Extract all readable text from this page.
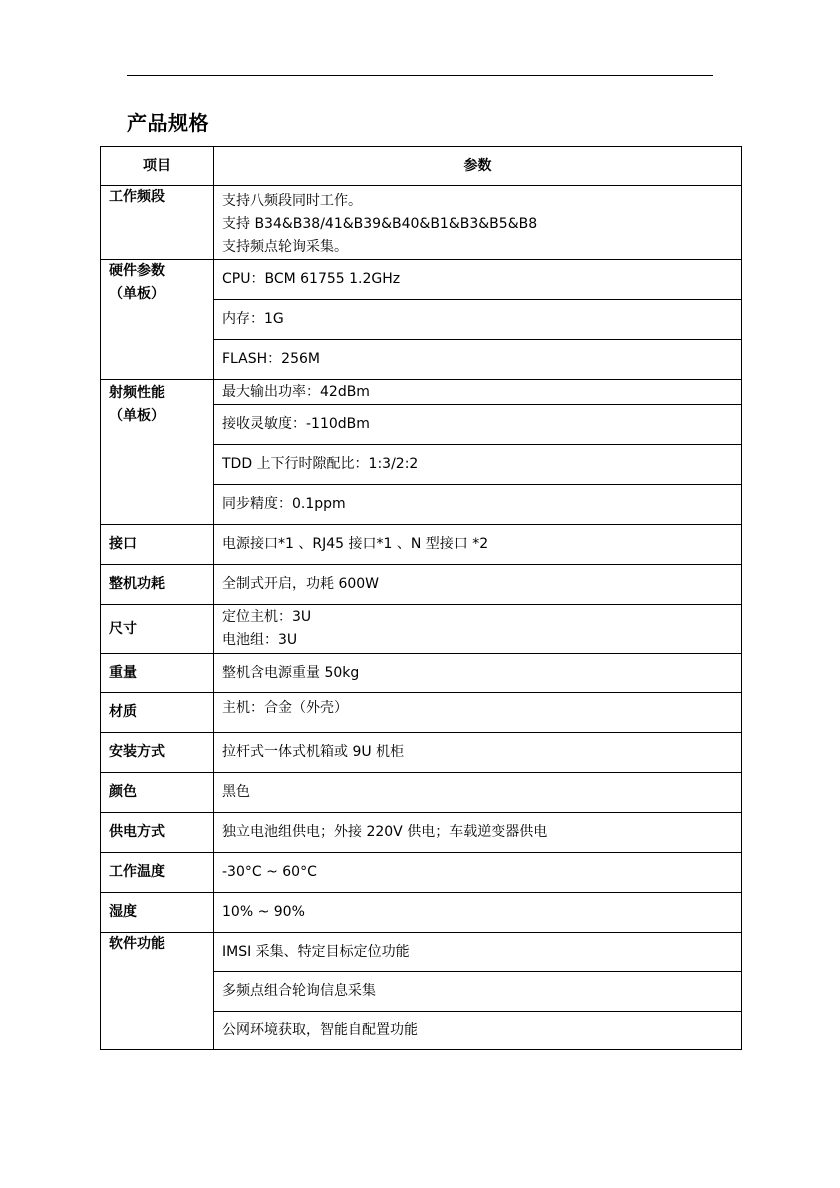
产品规格
项目	参数
工作频段	支持八频段同时工作。
支持 B34&B38/41&B39&B40&B1&B3&B5&B8
支持频点轮询采集。

硬件参数
（单板）	CPU：BCM 61755 1.2GHz
	内存：1G
	FLASH：256M

射频性能
（单板）	最大输出功率：42dBm
	接收灵敏度：-110dBm
	TDD 上下行时隙配比：1:3/2:2
	同步精度：0.1ppm
接口	电源接口*1 、RJ45 接口*1 、N 型接口 *2
整机功耗	全制式开启，功耗 600W
尺寸	定位主机：3U
电池组：3U

重量	整机含电源重量 50kg
材质	主机：合金（外壳）
安装方式	拉杆式一体式机箱或 9U 机柜
颜色	黑色
供电方式	独立电池组供电；外接 220V 供电；车载逆变器供电
工作温度	-30°C ~ 60°C
湿度	10% ~ 90%
软件功能	IMSI 采集、特定目标定位功能
	多频点组合轮询信息采集
	公网环境获取，智能自配置功能
